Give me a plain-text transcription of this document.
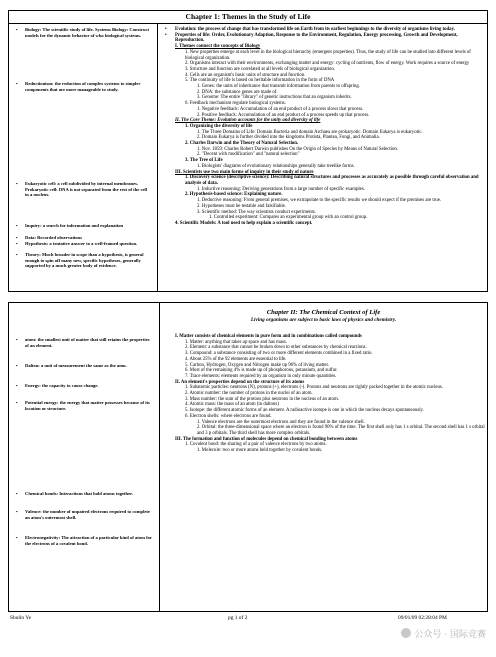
Chapter 1: Themes in the Study of Life
• Biology: The scientific study of life. Systems Biology: Construct models for the dynamic behavior of who biological systems.
• Reductionism: the reduction of complex systems to simpler components that are more manageable to study.
• Eukaryotic cell: a cell subdivided by internal membranes. Prokaryotic cell: DNA is not separated from the rest of the cell in a nucleus.
• Inquiry: a search for information and explanation
• Data: Recorded observations
• Hypothesis: a tentative answer to a well-framed question.
• Theory: Much broader in scope than a hypothesis, is general enough to spin off many new, specific hypotheses, generally supported by a much greater body of evidence.
• Evolution: the process of change that has transformed life on Earth from its earliest beginnings to the diversity of organisms living today.
• Properties of life: Order, Evolutionary Adaption, Response to the Environment, Regulation, Energy processing, Growth and Development, Reproduction.
I. Themes connect the concepts of Biology
1. New properties emerge at each level in the biological hierarchy (emergent properties). Thus, the study of life can be studied into different levels of biological organization.
2. Organisms interact with their environments, exchanging matter and energy: cycling of nutrients, flow of energy. Work requires a source of energy
3. Structure and function are correlated at all levels of biological organization.
4. Cells are an organism's basic units of structure and function.
5. The continuity of life is based on heritable information in the form of DNA
1. Genes: the units of inheritance that transmit information from parents to offspring.
2. DNA: the substance genes are made of.
3. Genome: The entire "library" of genetic instructions that an organism inherits.
6. Feedback mechanism regulate biological systems.
1. Negative feedback: Accumulation of an end product of a process slows that process.
2. Positive feedback: Accumulation of an end product of a process speeds up that process.
II. The Core Theme: Evolution accounts for the unity and diversity of life
1. Organizing the diversity of life
1. The Three Domains of Life: Domain Bacteria and domain Archaea are prokaryotic. Domain Eukarya is eukaryotic.
2. Domain Eukarya is further divided into the kingdoms Protista, Plantea, Fungi, and Animalia.
2. Charles Darwin and the Theory of Natural Selection.
1. Nov. 1859: Charles Robert Darwin publishes On the Origin of Species by Means of Natural Selection.
2. "Decent with modification" and "natural selection"
3. The Tree of Life
1. Biologists' diagrams of evolutionary relationships generally take treelike forms.
III. Scientists use two main forms of inquiry in their study of nature
1. Discovery science (descriptive science): Describing natural structures and processes as accurately as possible through careful observation and analysis of data.
1. Inductive reasoning: Deriving generations from a large number of specific examples.
2. Hypothesis-based science: Explaining nature.
1. Deductive reasoning: From general premises, we extrapolate to the specific results we should expect if the premises are true.
2. Hypotheses must be testable and falsifiable.
3. Scientific method: The way scientists conduct experiments.
1. Controlled experiment: Compares an experimental group with an control group.
4. Scientific Models: A tool used to help explain a scientific concept.
Chapter II: The Chemical Context of Life
Living organisms are subject to basic laws of physics and chemistry.
• atom: the smallest unit of matter that still retains the properties of an element.
• Dalton: a unit of measurement the same as the amu.
• Energy: the capacity to cause change.
• Potential energy: the energy that matter possesses because of its location or structure.
• Chemical bonds: Interactions that hold atoms together.
• Valence: the number of unpaired electrons required to complete an atom's outermost shell.
• Electronegativity: The attraction of a particular kind of atom for the electrons of a covalent bond.
I. Matter consists of chemical elements in pure form and in combinations called compounds
1. Matter: anything that takes up space and has mass.
2. Element: a substance that cannot be broken down to other substances by chemical reactions.
3. Compound: a substance consisting of two or more different elements combined in a fixed ratio.
4. About 25% of the 92 elements are essential to life.
5. Carbon, Hydrogen, Oxygen and Nitrogen make up 96% of living matter.
6. Most of the remaining 4% is made up of phosphorous, potassium, and sulfur.
7. Trace elements: elements required by an organism in only minute quantities.
II. An element's properties depend on the structure of its atoms
1. Subatomic particles: neutrons (N), protons (+), electrons (-). Protons and neutrons are tightly packed together in the atomic nucleus.
2. Atomic number: the number of protons in the nuclei of an atom.
3. Mass number: the sum of the protons plus neutrons in the nucleus of an atom.
4. Atomic mass: the mass of an atom (in daltons)
5. Isotope: the different atomic forms of an element. A radioactive isotope is one in which the nucleus decays spontaneously.
6. Electron shells: where electrons are found.
1. Valence electrons are the outermost electrons and they are found in the valence shell.
2. Orbital: the three-dimensional space where an electron is found 90% of the time. The first shell only has 1 s orbital. The second shell has 1 s orbital and 3 p orbitals. The third shell has more complex orbitals.
III. The formation and function of molecules depend on chemical bonding between atoms
1. Covalent bond: the sharing of a pair of valence electrons by two atoms.
1. Molecule: two or more atoms held together by covalent bonds.
Shulin Ye	pg 1 of 2	09/01/09 02:28:04 PM
公众号 · 国际竞赛
